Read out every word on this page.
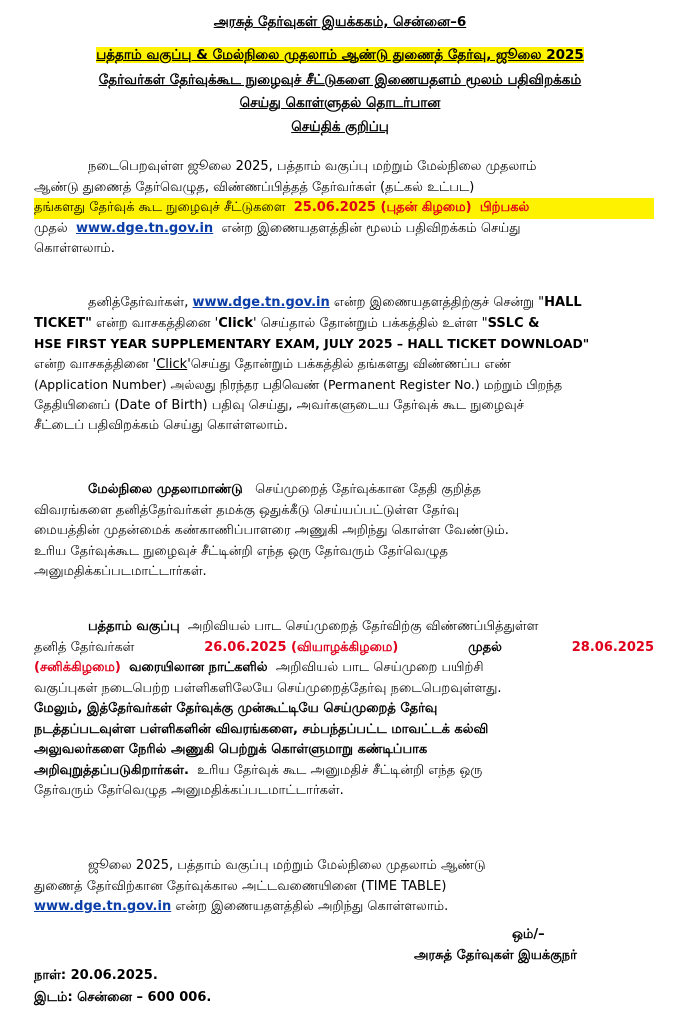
அரசுத் தேர்வுகள் இயக்ககம், சென்னை–6
பத்தாம் வகுப்பு & மேல்நிலை முதலாம் ஆண்டு துணைத் தேர்வு, ஜூலை 2025
தேர்வர்கள் தேர்வுக்கூட நுழைவுச் சீட்டுகளை இணையதளம் மூலம் பதிவிறக்கம்
செய்து கொள்ளுதல் தொடர்பான
செய்திக் குறிப்பு

நடைபெறவுள்ள ஜூலை 2025, பத்தாம் வகுப்பு மற்றும் மேல்நிலை முதலாம்

ஆண்டு துணைத் தேர்வெழுத, விண்ணப்பித்தத் தேர்வர்கள் (தட்கல் உட்பட)

தங்களது தேர்வுக் கூட நுழைவுச் சீட்டுகளை 25.06.2025 (புதன் கிழமை) பிற்பகல்

முதல் www.dge.tn.gov.in என்ற இணையதளத்தின் மூலம் பதிவிறக்கம் செய்து

கொள்ளலாம்.

தனித்தேர்வர்கள், www.dge.tn.gov.in என்ற இணையதளத்திற்குச் சென்று "HALL

TICKET" என்ற வாசகத்தினை 'Click' செய்தால் தோன்றும் பக்கத்தில் உள்ள "SSLC &

HSE FIRST YEAR SUPPLEMENTARY EXAM, JULY 2025 – HALL TICKET DOWNLOAD"

என்ற வாசகத்தினை 'Click'செய்து தோன்றும் பக்கத்தில் தங்களது விண்ணப்ப எண்

(Application Number) அல்லது நிரந்தர பதிவெண் (Permanent Register No.) மற்றும் பிறந்த

தேதியினைப் (Date of Birth) பதிவு செய்து, அவர்களுடைய தேர்வுக் கூட நுழைவுச்

சீட்டைப் பதிவிறக்கம் செய்து கொள்ளலாம்.

மேல்நிலை முதலாமாண்டு செய்முறைத் தேர்வுக்கான தேதி குறித்த

விவரங்களை தனித்தேர்வர்கள் தமக்கு ஒதுக்கீடு செய்யப்பட்டுள்ள தேர்வு

மையத்தின் முதன்மைக் கண்காணிப்பாளரை அணுகி அறிந்து கொள்ள வேண்டும்.

உரிய தேர்வுக்கூட நுழைவுச் சீட்டின்றி எந்த ஒரு தேர்வரும் தேர்வெழுத

அனுமதிக்கப்படமாட்டார்கள்.

பத்தாம் வகுப்பு அறிவியல் பாட செய்முறைத் தேர்விற்கு விண்ணப்பித்துள்ள

தனித் தேர்வர்கள்	26.06.2025 (வியாழக்கிழமை)	முதல்	28.06.2025

(சனிக்கிழமை) வரையிலான நாட்களில் அறிவியல் பாட செய்முறை பயிற்சி

வகுப்புகள் நடைபெற்ற பள்ளிகளிலேயே செய்முறைத்தேர்வு நடைபெறவுள்ளது.

மேலும், இத்தேர்வர்கள் தேர்வுக்கு முன்கூட்டியே செய்முறைத் தேர்வு

நடத்தப்படவுள்ள பள்ளிகளின் விவரங்களை, சம்பந்தப்பட்ட மாவட்டக் கல்வி

அலுவலர்களை நேரில் அணுகி பெற்றுக் கொள்ளுமாறு கண்டிப்பாக

அறிவுறுத்தப்படுகிறார்கள். உரிய தேர்வுக் கூட அனுமதிச் சீட்டின்றி எந்த ஒரு

தேர்வரும் தேர்வெழுத அனுமதிக்கப்படமாட்டார்கள்.

ஜூலை 2025, பத்தாம் வகுப்பு மற்றும் மேல்நிலை முதலாம் ஆண்டு

துணைத் தேர்விற்கான தேர்வுக்கால அட்டவணையினை (TIME TABLE)

www.dge.tn.gov.in என்ற இணையதளத்தில் அறிந்து கொள்ளலாம்.

ஒம்/–
அரசுத் தேர்வுகள் இயக்குநர்
நாள்: 20.06.2025.
இடம்: சென்னை – 600 006.
